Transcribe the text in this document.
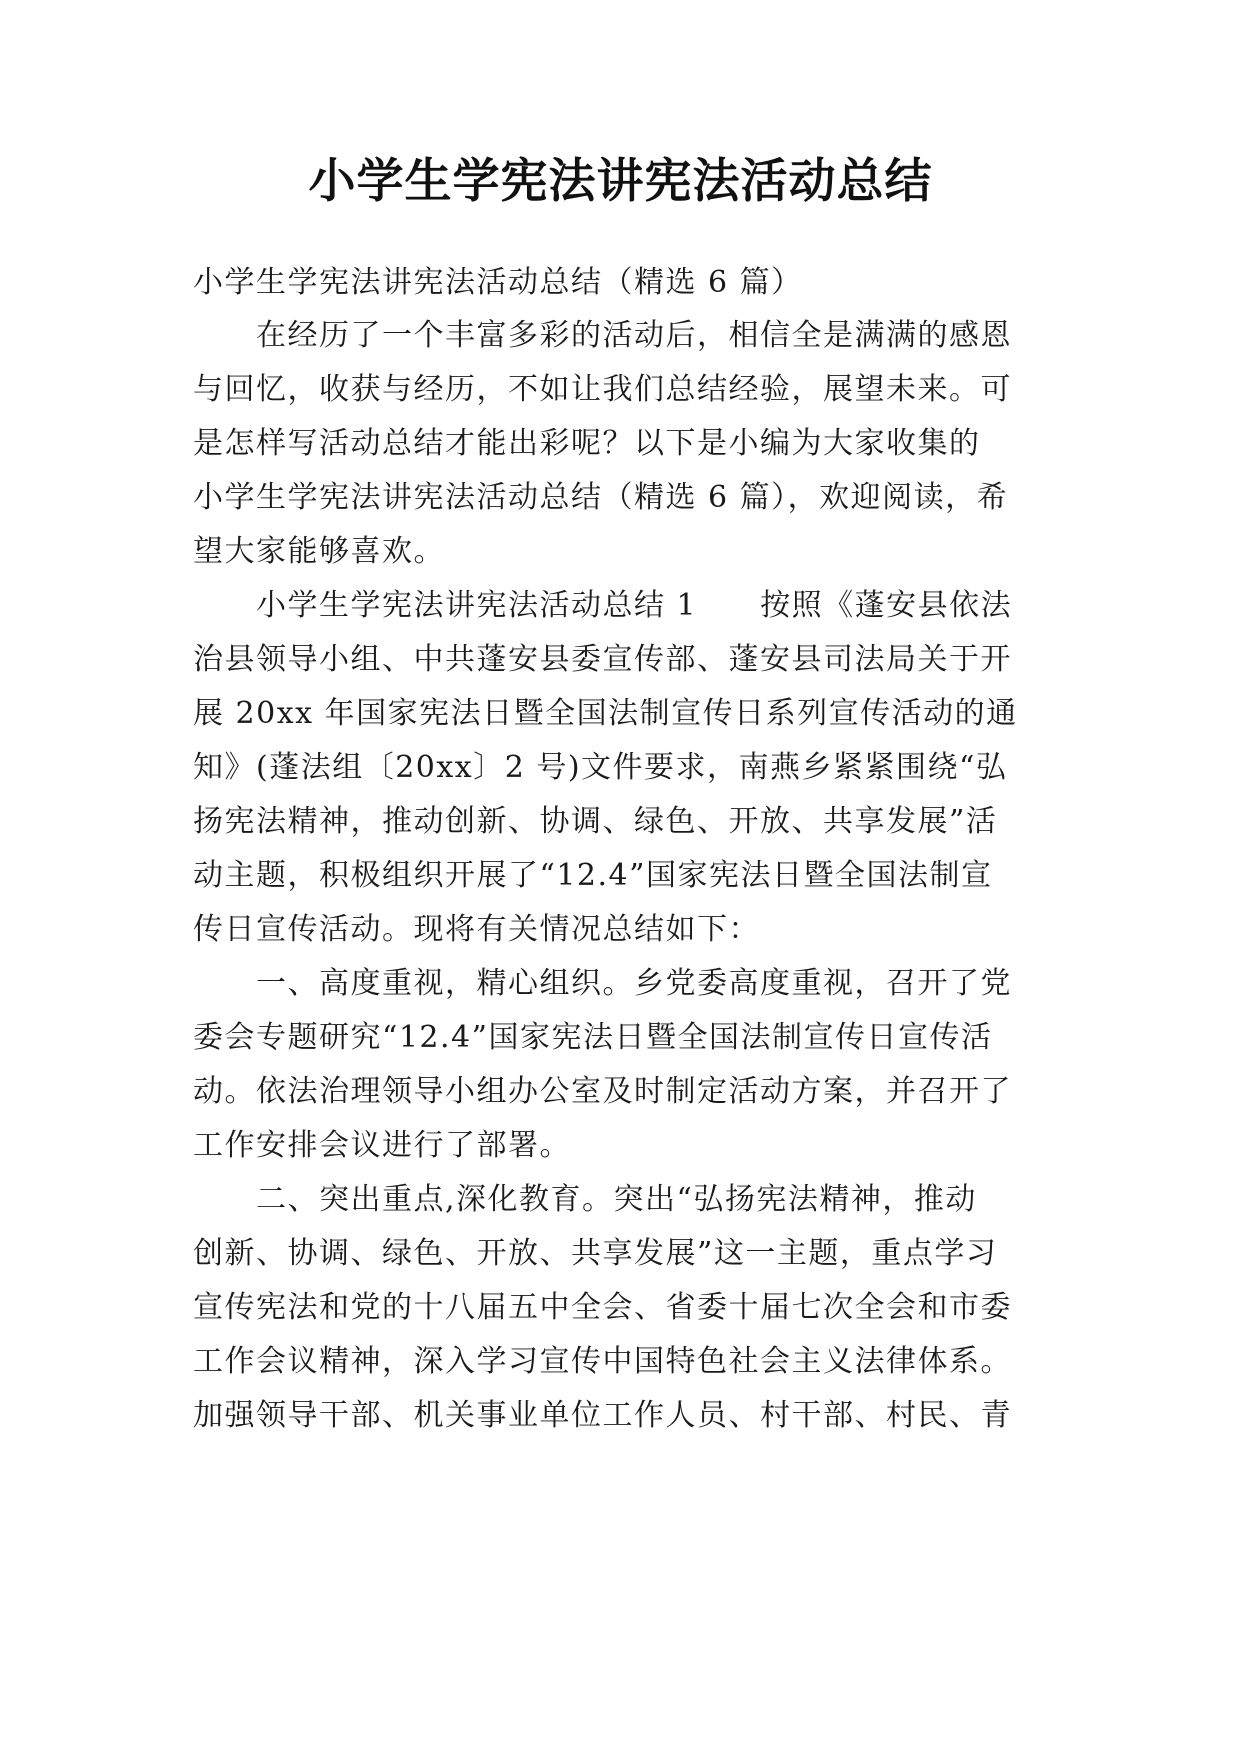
小学生学宪法讲宪法活动总结

小学生学宪法讲宪法活动总结（精选 6 篇）

在经历了一个丰富多彩的活动后，相信全是满满的感恩

与回忆，收获与经历，不如让我们总结经验，展望未来。可

是怎样写活动总结才能出彩呢？以下是小编为大家收集的

小学生学宪法讲宪法活动总结（精选 6 篇），欢迎阅读，希

望大家能够喜欢。

小学生学宪法讲宪法活动总结 1　　按照《蓬安县依法

治县领导小组、中共蓬安县委宣传部、蓬安县司法局关于开

展 20xx 年国家宪法日暨全国法制宣传日系列宣传活动的通

知》(蓬法组〔20xx〕2 号)文件要求，南燕乡紧紧围绕“弘

扬宪法精神，推动创新、协调、绿色、开放、共享发展”活

动主题，积极组织开展了“12.4”国家宪法日暨全国法制宣

传日宣传活动。现将有关情况总结如下：

一、高度重视，精心组织。乡党委高度重视，召开了党

委会专题研究“12.4”国家宪法日暨全国法制宣传日宣传活

动。依法治理领导小组办公室及时制定活动方案，并召开了

工作安排会议进行了部署。

二、突出重点,深化教育。突出“弘扬宪法精神，推动

创新、协调、绿色、开放、共享发展”这一主题，重点学习

宣传宪法和党的十八届五中全会、省委十届七次全会和市委

工作会议精神，深入学习宣传中国特色社会主义法律体系。

加强领导干部、机关事业单位工作人员、村干部、村民、青
